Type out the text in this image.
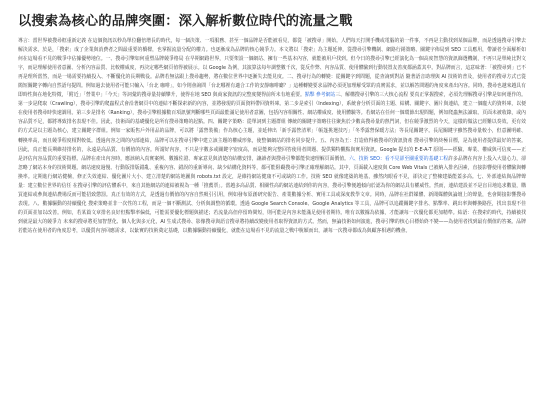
以搜索為核心的品牌突圍：深入解析數位時代的流量之戰

導言：當世界被搜尋框重新定義 在這個資訊以秒為單位翻倍增長的時代，每一個決策、一項服務、甚至一個品牌是否能被看見，都從「被搜尋」開始。人們每天打開手機或電腦的第一件事，不再是主動找到某個品牌，而是透過搜尋引擎去解決需求。於是，「搜索」成了企業與消費者之間最重要的橋樑，也掌握流量分配的權力。也逐漸成為品牌的核心競爭力。本文將以「搜索」為主題延伸，從搜尋引擎機制、網路行銷策略、關鍵字佈局到 SEO 工具應用，帶讀者全面解析如何在這場看不見的戰爭中佔據優勢地位。一、搜尋引擎如何重塑品牌競爭格局 在早期網路世界，只要架設一個網站、擁有一些基本內容，就能被用戶找到。但今日的搜尋引擎已經演化為一個高度智慧的資訊篩選機制，不再只是單純比對文字，而是理解使用者意圖、分析內容品質、比較權威度，再決定哪些網頁值得被展示。以 Google 為例，其演算法每年調整數千次，從反作弊、內容品質、使用體驗到行動裝置友善度都涵蓋其中。對品牌而言，這意味著：「被搜尋到」已不再是理所當然，而是一場需要持續投入、不斷優化的長期戰役。品牌若無法跟上搜尋趨勢，將在數位世界中逐漸失去能見度。二、搜尋行為的轉變：從關鍵字到問題，從查詢到對話 隨著語音助理與 AI 技術的普及，使用者的搜尋方式已從簡短關鍵字轉向自然語句提問。例如過去使用者可能只輸入「台北 咖啡」，如今則會詢問「台北哪裡有適合工作的安靜咖啡廳？」這種轉變要求品牌必須更加理解受眾的真實需求，並以解答問題的角度來產出內容。同時，搜尋也越來越具有即時性與在地化特徵，「附近」「營業中」「今天」等詞彙的搜尋量持續攀升，使得在地 SEO 與商家資訊的完整度變得前所未有地重要。點擊 參考網站三、解構搜尋引擎的三大核心流程 要真正掌握搜索，必須先理解搜尋引擎是如何運作的。第一步是爬取（Crawling），搜尋引擎的爬蟲程式會沿著網頁中的連結不斷探索新的內容，並將發現的頁面資料帶回資料庫。第二步是索引（Indexing），系統會分析頁面的主題、結構、關鍵字、圖片與連結，建立一個龐大的資料庫，以便在使用者搜尋時快速調用。第三步是排名（Ranking），搜尋引擎根據數百項訊號判斷哪些頁面最能滿足使用者意圖，包括內容相關性、網站權威度、使用體驗等。若網站在任何一個環節出現問題，例如爬蟲無法讀取、頁面未被收錄，或內容品質不足，都將導致排名表現不佳。因此，技術面的基礎優化是所有搜尋策略的起點。四、關鍵字策略：從單詞到主題群組 傳統的關鍵字策略往往聚焦於少數高搜尋量的熱門詞，但在競爭激烈的今天，這樣的做法已經難以奏效。更有效的方式是以主題為核心，建立關鍵字群組。例如一家販售戶外用品的品牌，可以將「露營裝備」作為核心主題，並延伸出「新手露營清單」「帳篷挑選技巧」「冬季露營保暖方法」等長尾關鍵字。長尾關鍵字雖然搜尋量較小，但意圖明確、轉換率高，而且競爭程度相對較低。透過內容之間的內部連結，品牌可以在搜尋引擎中建立該主題的權威形象，使整個網站的排名同步提升。五、內容為王：打造值得被搜尋的資訊資產 搜尋引擎的終極目標，是為使用者提供最好的答案。因此，真正能長期維持排名的，永遠是高品質、有價值的內容。所謂好內容，不只是字數多或關鍵字密度高，而是能夠完整回答使用者問題、提供獨特觀點與實用資訊。Google 提出的 E-E-A-T 原則——經驗、專業、權威與可信度——正是評估內容品質的重要指標。品牌在產出內容時，應該納入真實案例、數據佐證、專家意見與清楚的結構安排，讓讀者與搜尋引擎都能快速理解頁面價值。六、技術 SEO：看不見卻至關重要的基礎工程許多品牌在內容上投入大量心力，卻忽略了網站本身的技術問題。網站速度過慢、行動版排版錯亂、重複內容、錯誤的重新導向、缺少結構化資料等，都可能阻礙搜尋引擎正確理解網站。其中，頁面載入速度與 Core Web Vitals 已被納入排名因素，直接影響使用者體驗與轉換率。定期進行網站健檢，修正失效連結、優化圖片大小、建立清楚的網站地圖與 robots.txt 設定，是維持網站健康不可或缺的工作。技術 SEO 就像建築的地基，雖然肉眼看不見，卻決定了整棟建築能蓋多高。七、外部連結與品牌聲量：建立數位世界的信任 在搜尋引擎的評估體系中，來自其他網站的連結被視為一種「推薦票」。當越多高品質、相關性高的網站連結到你的內容，搜尋引擎便越傾向於認為你的網站具有權威性。然而，連結建設並不是盲目地追求數量，購買連結或參與連結農場反而可能招致懲罰。真正有效的方式，是透過有價值的內容自然吸引引用，例如發布原創研究報告、產業數據分析、實用工具或深度教學文章。同時，品牌在社群媒體、新聞媒體與論壇上的聲量，也會間接影響搜尋表現。八、數據驅動的持續優化 搜索策略並非一次性的工程，而是一個不斷測試、分析與調整的循環。透過 Google Search Console、Google Analytics 等工具，品牌可以追蹤關鍵字排名、點擊率、跳出率與轉換路徑，找出表現不佳的頁面並加以改善。例如，若某篇文章排名良好但點擊率偏低，可能需要優化標題與描述；若流量高但停留時間短，則可能是內容未能滿足使用者期待。唯有以數據為依據，才能讓每一次優化都更加精準。結語：在搜索的時代，持續被找到就是最大的競爭力 未來的搜尋將更加智慧化、個人化與多元化，AI 生成式搜尋、影像搜尋與語音搜尋將持續改變使用者取得資訊的方式。然而，無論技術如何演進，搜尋引擎的核心目標始終不變——為使用者找到最有價值的答案。品牌若能站在使用者的角度思考，以優質內容回應需求，以紮實的技術奠定基礎，以數據驅動持續優化，就能在這場看不見的流量之戰中脫穎而出，讓每一次搜尋都成為與顧客相遇的機會。
